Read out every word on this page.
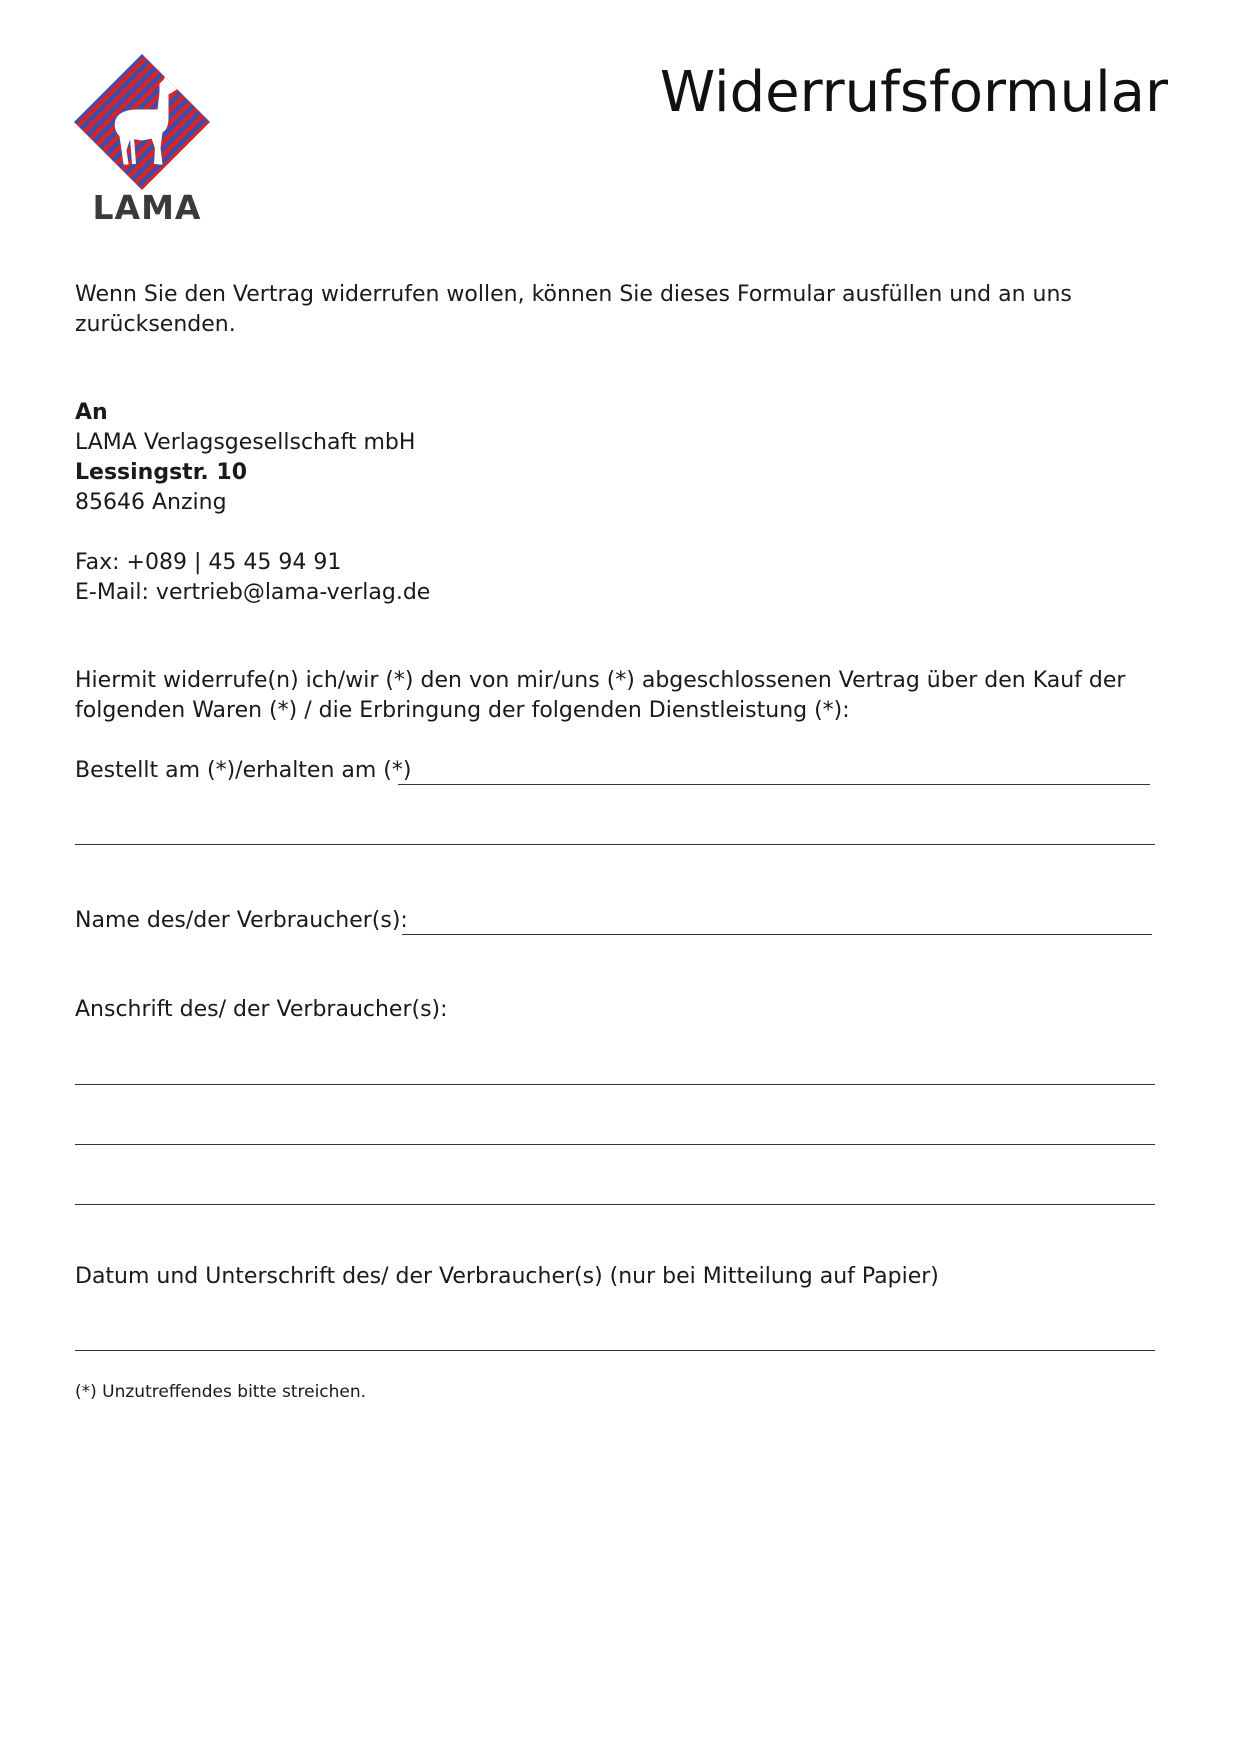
LAMA
Widerrufsformular
Wenn Sie den Vertrag widerrufen wollen, können Sie dieses Formular ausfüllen und an uns zurücksenden.
An
LAMA Verlagsgesellschaft mbH
Lessingstr. 10
85646 Anzing
Fax: +089 | 45 45 94 91
E-Mail: vertrieb@lama-verlag.de
Hiermit widerrufe(n) ich/wir (*) den von mir/uns (*) abgeschlossenen Vertrag über den Kauf der folgenden Waren (*) / die Erbringung der folgenden Dienstleistung (*):
Bestellt am (*)/erhalten am (*)
Name des/der Verbraucher(s):
Anschrift des/ der Verbraucher(s):
Datum und Unterschrift des/ der Verbraucher(s) (nur bei Mitteilung auf Papier)
(*) Unzutreffendes bitte streichen.
